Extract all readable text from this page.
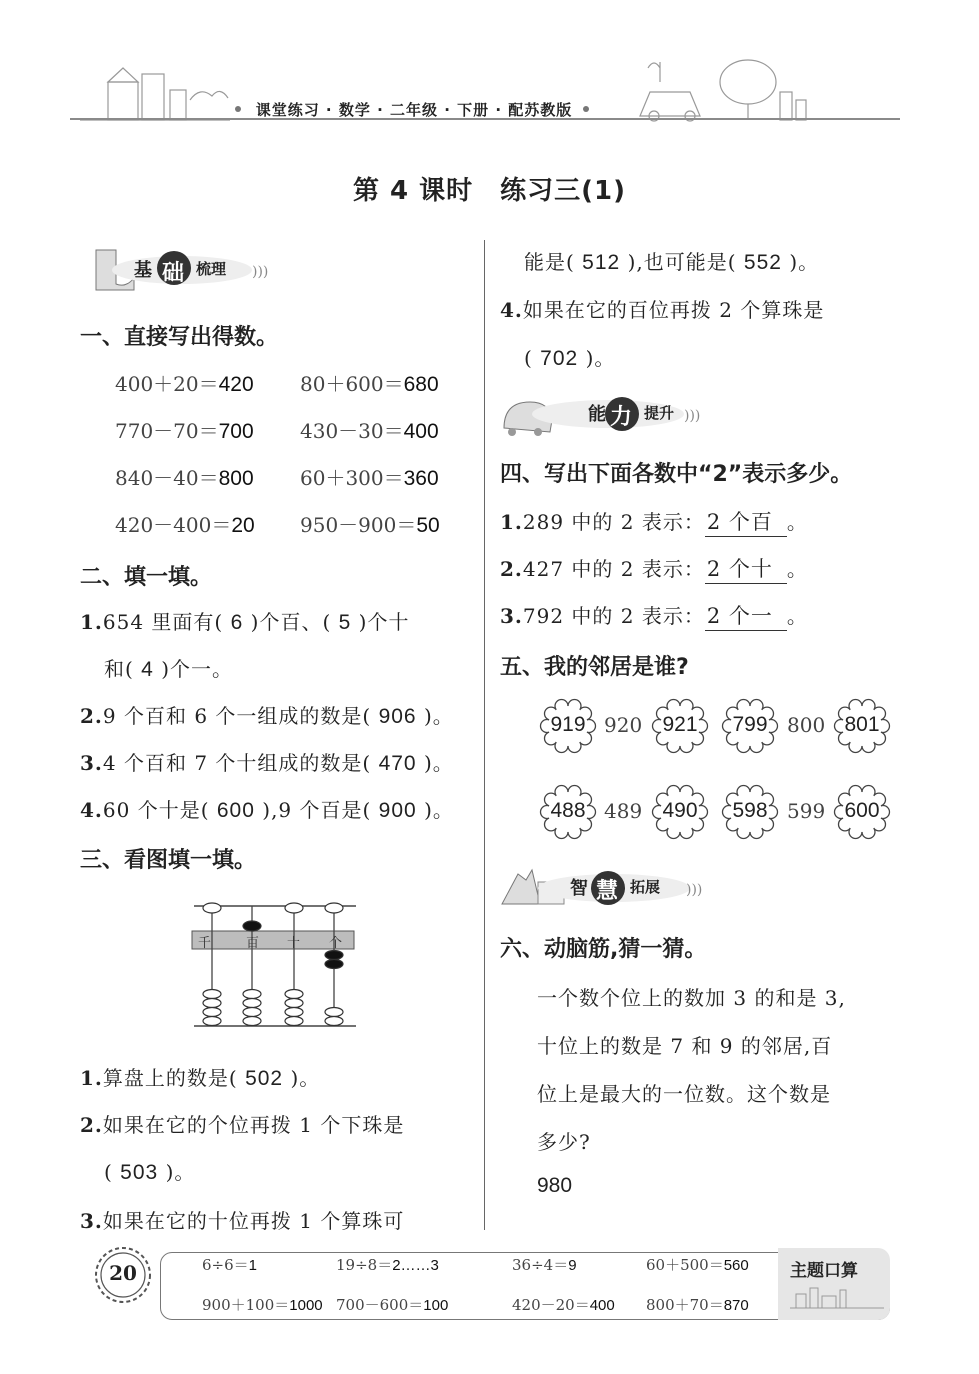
课堂练习 · 数学 · 二年级 · 下册 · 配苏教版
第 4 课时　练习三(1)
)))
基 础 梳理
一、直接写出得数。
400＋20＝420 80＋600＝680
770－70＝700 430－30＝400
840－40＝800 60＋300＝360
420－400＝20 950－900＝50
二、填一填。
1.654 里面有( 6 )个百、( 5 )个十
和( 4 )个一。
2.9 个百和 6 个一组成的数是( 906 )。
3.4 个百和 7 个十组成的数是( 470 )。
4.60 个十是( 600 ),9 个百是( 900 )。
三、看图填一填。
千	百 十 个
1.算盘上的数是( 502 )。
2.如果在它的个位再拨 1 个下珠是
( 503 )。
3.如果在它的十位再拨 1 个算珠可
能是( 512 ),也可能是( 552 )。
4.如果在它的百位再拨 2 个算珠是
( 702 )。
)))
能 力 提升
四、写出下面各数中“2”表示多少。
1.289 中的 2 表示：2 个百 。
2.427 中的 2 表示：2 个十 。
3.792 中的 2 表示：2 个一 。
五、我的邻居是谁?
919 920 921	799 800 801
488 489 490	598 599 600
)))
智 慧 拓展
六、动脑筋,猜一猜。
一个数个位上的数加 3 的和是 3,
十位上的数是 7 和 9 的邻居,百
位上是最大的一位数。这个数是
多少?
980
20	主题口算
6÷6＝1	19÷8＝2……3	36÷4＝9	60＋500＝560
900＋100＝1000 700－600＝100	420－20＝400 800＋70＝870
